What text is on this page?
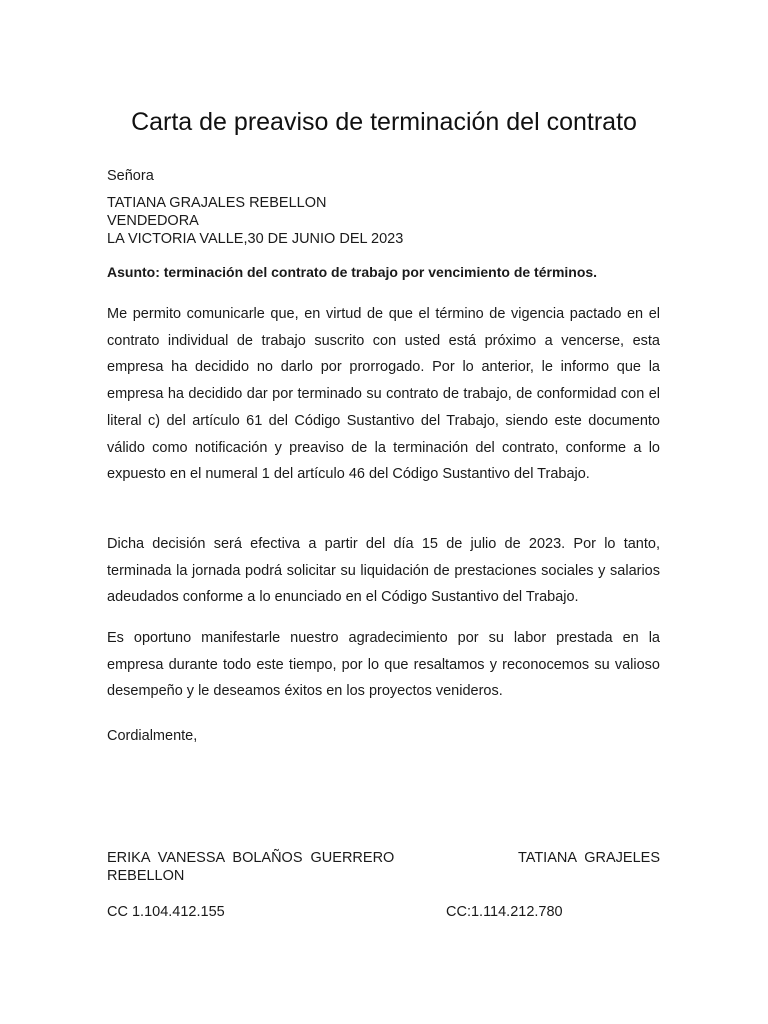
Carta de preaviso de terminación del contrato
Señora
TATIANA GRAJALES REBELLON
VENDEDORA
LA VICTORIA VALLE,30 DE JUNIO DEL 2023
Asunto: terminación del contrato de trabajo por vencimiento de términos.

Me permito comunicarle que, en virtud de que el término de vigencia pactado en el contrato individual de trabajo suscrito con usted está próximo a vencerse, esta empresa ha decidido no darlo por prorrogado. Por lo anterior, le informo que la empresa ha decidido dar por terminado su contrato de trabajo, de conformidad con el literal c) del artículo 61 del Código Sustantivo del Trabajo, siendo este documento válido como notificación y preaviso de la terminación del contrato, conforme a lo expuesto en el numeral 1 del artículo 46 del Código Sustantivo del Trabajo.

Dicha decisión será efectiva a partir del día 15 de julio de 2023. Por lo tanto, terminada la jornada podrá solicitar su liquidación de prestaciones sociales y salarios adeudados conforme a lo enunciado en el Código Sustantivo del Trabajo.

Es oportuno manifestarle nuestro agradecimiento por su labor prestada en la empresa durante todo este tiempo, por lo que resaltamos y reconocemos su valioso desempeño y le deseamos éxitos en los proyectos venideros.

Cordialmente,
ERIKA VANESSA BOLAÑOS GUERRERO	TATIANA GRAJELES
REBELLON
CC 1.104.412.155	CC:1.114.212.780
